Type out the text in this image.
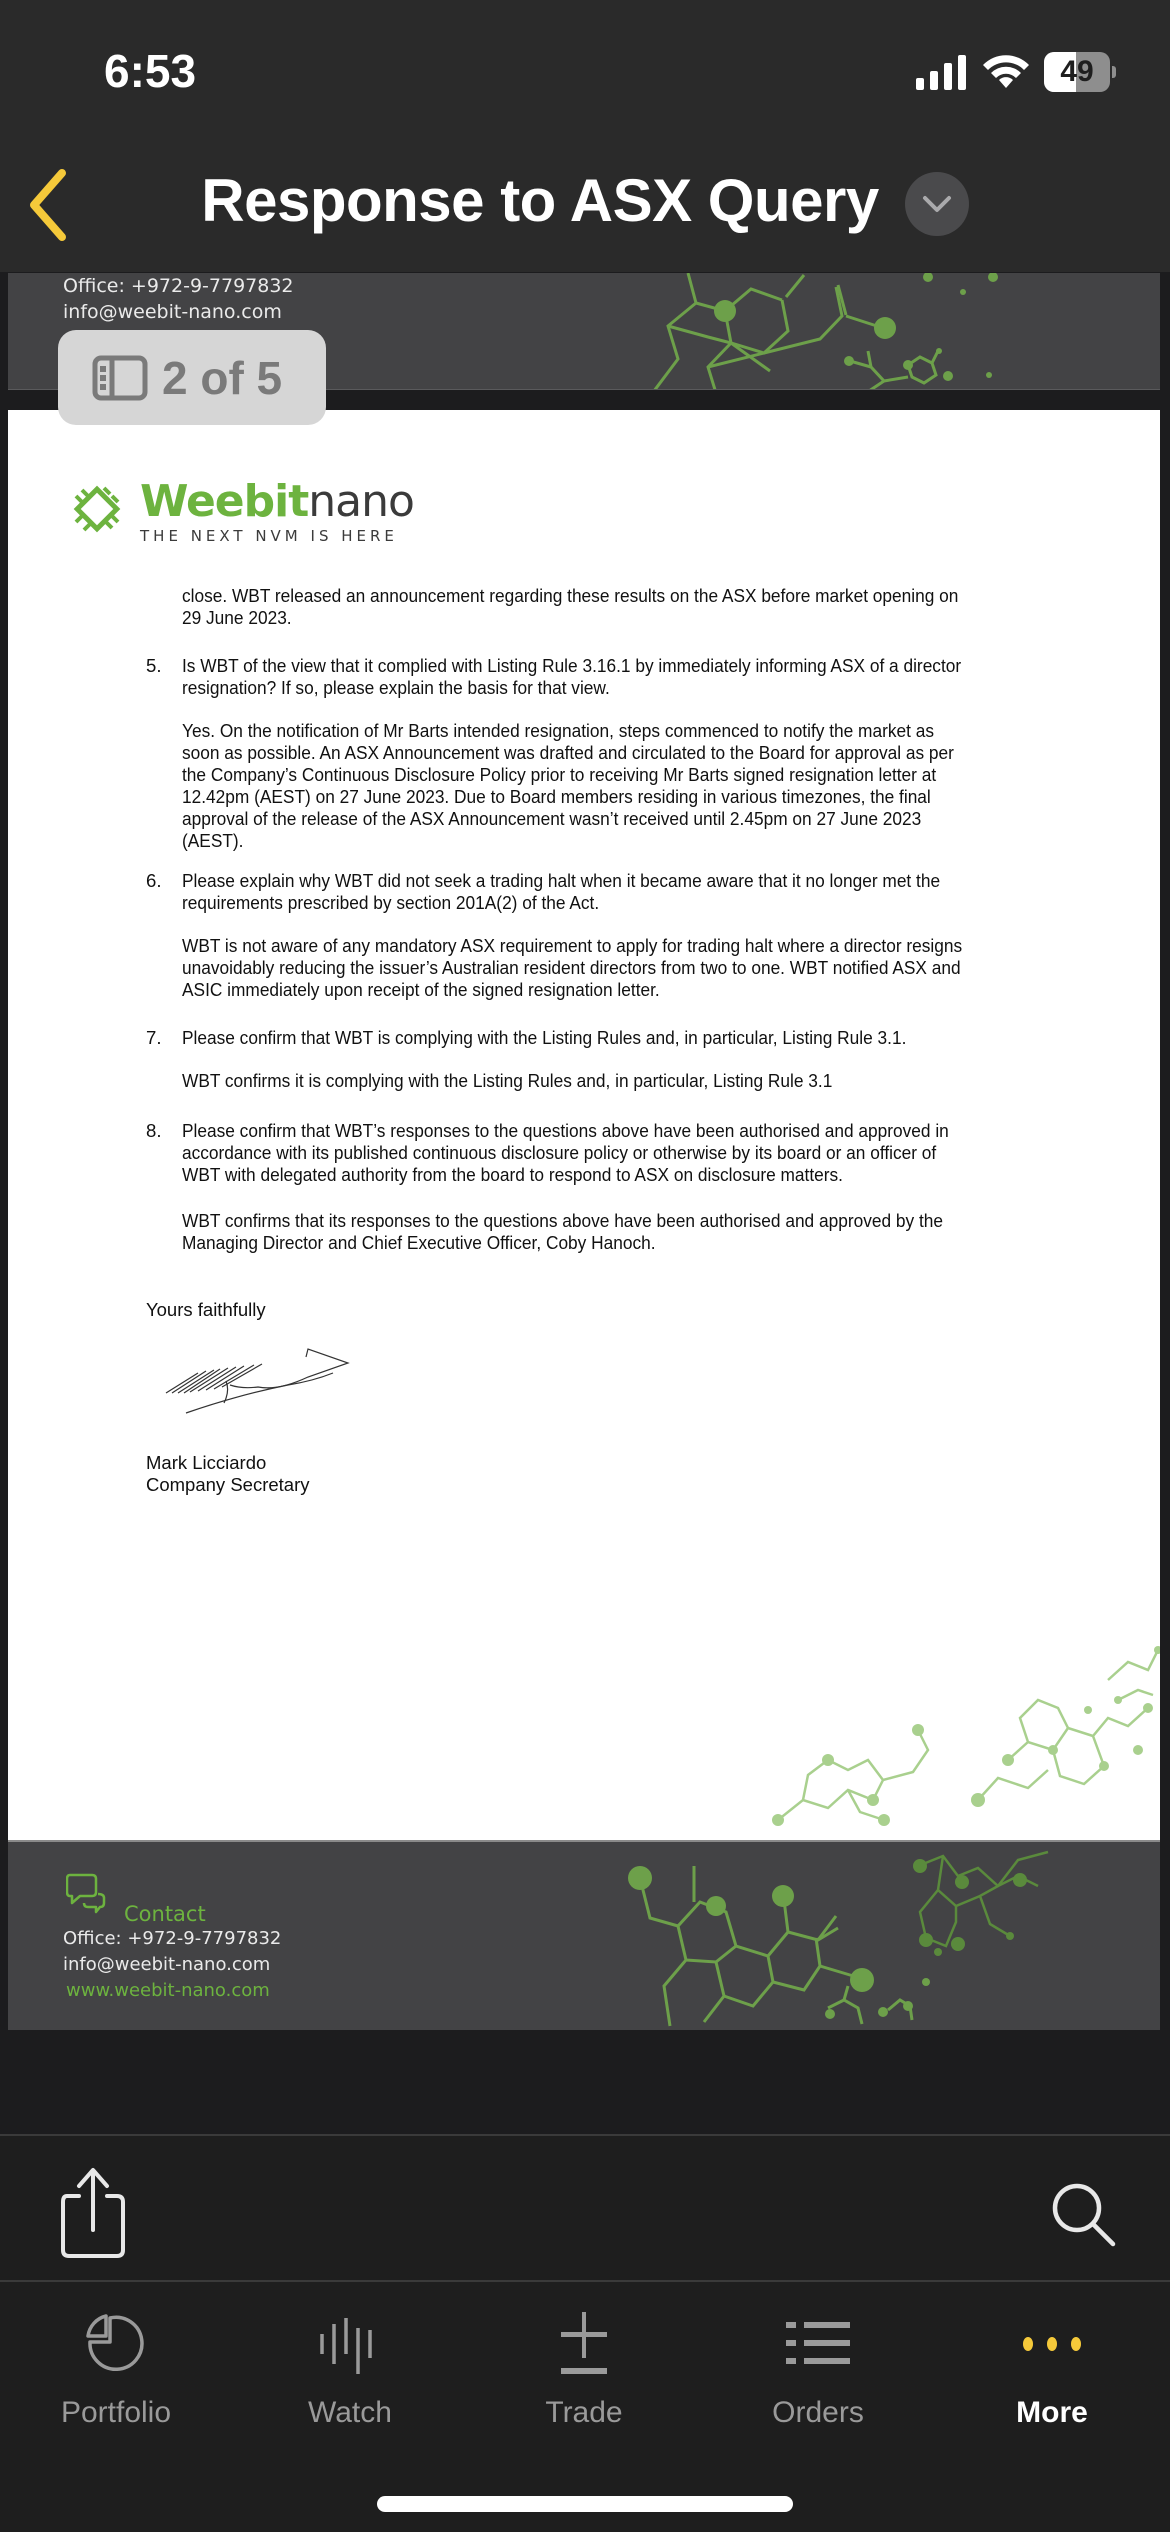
6:53	49
Response to ASX Query
Office: +972-9-7797832
info@weebit-nano.com
Weebitnano
THE NEXT NVM IS HERE
close. WBT released an announcement regarding these results on the ASX before market opening on
29 June 2023.
5. Is WBT of the view that it complied with Listing Rule 3.16.1 by immediately informing ASX of a director
resignation? If so, please explain the basis for that view.
Yes. On the notification of Mr Barts intended resignation, steps commenced to notify the market as
soon as possible. An ASX Announcement was drafted and circulated to the Board for approval as per
the Company’s Continuous Disclosure Policy prior to receiving Mr Barts signed resignation letter at
12.42pm (AEST) on 27 June 2023. Due to Board members residing in various timezones, the final
approval of the release of the ASX Announcement wasn’t received until 2.45pm on 27 June 2023
(AEST).
6. Please explain why WBT did not seek a trading halt when it became aware that it no longer met the
requirements prescribed by section 201A(2) of the Act.
WBT is not aware of any mandatory ASX requirement to apply for trading halt where a director resigns
unavoidably reducing the issuer’s Australian resident directors from two to one. WBT notified ASX and
ASIC immediately upon receipt of the signed resignation letter.
7. Please confirm that WBT is complying with the Listing Rules and, in particular, Listing Rule 3.1.
WBT confirms it is complying with the Listing Rules and, in particular, Listing Rule 3.1
8. Please confirm that WBT’s responses to the questions above have been authorised and approved in
accordance with its published continuous disclosure policy or otherwise by its board or an officer of
WBT with delegated authority from the board to respond to ASX on disclosure matters.
WBT confirms that its responses to the questions above have been authorised and approved by the
Managing Director and Chief Executive Officer, Coby Hanoch.
Yours faithfully
Mark Licciardo
Company Secretary
Contact
Office: +972-9-7797832
info@weebit-nano.com
www.weebit-nano.com
2 of 5
Portfolio	Watch	Trade	Orders	More
